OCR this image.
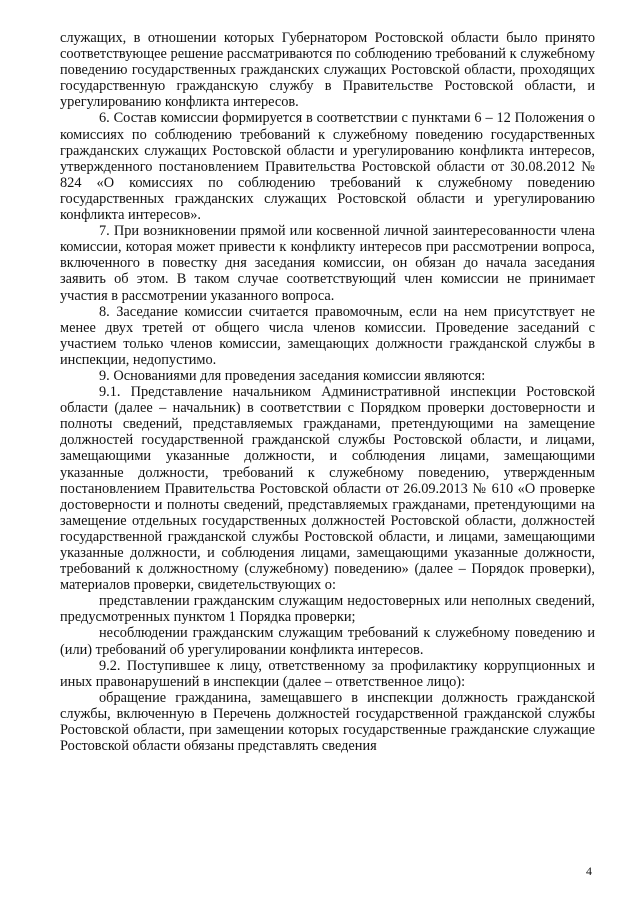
служащих, в отношении которых Губернатором Ростовской области было принято соответствующее решение рассматриваются по соблюдению требований к служебному поведению государственных гражданских служащих Ростовской области, проходящих государственную гражданскую службу в Правительстве Ростовской области, и урегулированию конфликта интересов.

6. Состав комиссии формируется в соответствии с пунктами 6 – 12 Положения о комиссиях по соблюдению требований к служебному поведению государственных гражданских служащих Ростовской области и урегулированию конфликта интересов, утвержденного постановлением Правительства Ростовской области от 30.08.2012 № 824 «О комиссиях по соблюдению требований к служебному поведению государственных гражданских служащих Ростовской области и урегулированию конфликта интересов».

7. При возникновении прямой или косвенной личной заинтересованности члена комиссии, которая может привести к конфликту интересов при рассмотрении вопроса, включенного в повестку дня заседания комиссии, он обязан до начала заседания заявить об этом. В таком случае соответствующий член комиссии не принимает участия в рассмотрении указанного вопроса.

8. Заседание комиссии считается правомочным, если на нем присутствует не менее двух третей от общего числа членов комиссии. Проведение заседаний с участием только членов комиссии, замещающих должности гражданской службы в инспекции, недопустимо.

9. Основаниями для проведения заседания комиссии являются:

9.1. Представление начальником Административной инспекции Ростовской области (далее – начальник) в соответствии с Порядком проверки достоверности и полноты сведений, представляемых гражданами, претендующими на замещение должностей государственной гражданской службы Ростовской области, и лицами, замещающими указанные должности, и соблюдения лицами, замещающими указанные должности, требований к служебному поведению, утвержденным постановлением Правительства Ростовской области от 26.09.2013 № 610 «О проверке достоверности и полноты сведений, представляемых гражданами, претендующими на замещение отдельных государственных должностей Ростовской области, должностей государственной гражданской службы Ростовской области, и лицами, замещающими указанные должности, и соблюдения лицами, замещающими указанные должности, требований к должностному (служебному) поведению» (далее – Порядок проверки), материалов проверки, свидетельствующих о:

представлении гражданским служащим недостоверных или неполных сведений, предусмотренных пунктом 1 Порядка проверки;

несоблюдении гражданским служащим требований к служебному поведению и (или) требований об урегулировании конфликта интересов.

9.2. Поступившее к лицу, ответственному за профилактику коррупционных и иных правонарушений в инспекции (далее – ответственное лицо):

обращение гражданина, замещавшего в инспекции должность гражданской службы, включенную в Перечень должностей государственной гражданской службы Ростовской области, при замещении которых государственные гражданские служащие Ростовской области обязаны представлять сведения

4
